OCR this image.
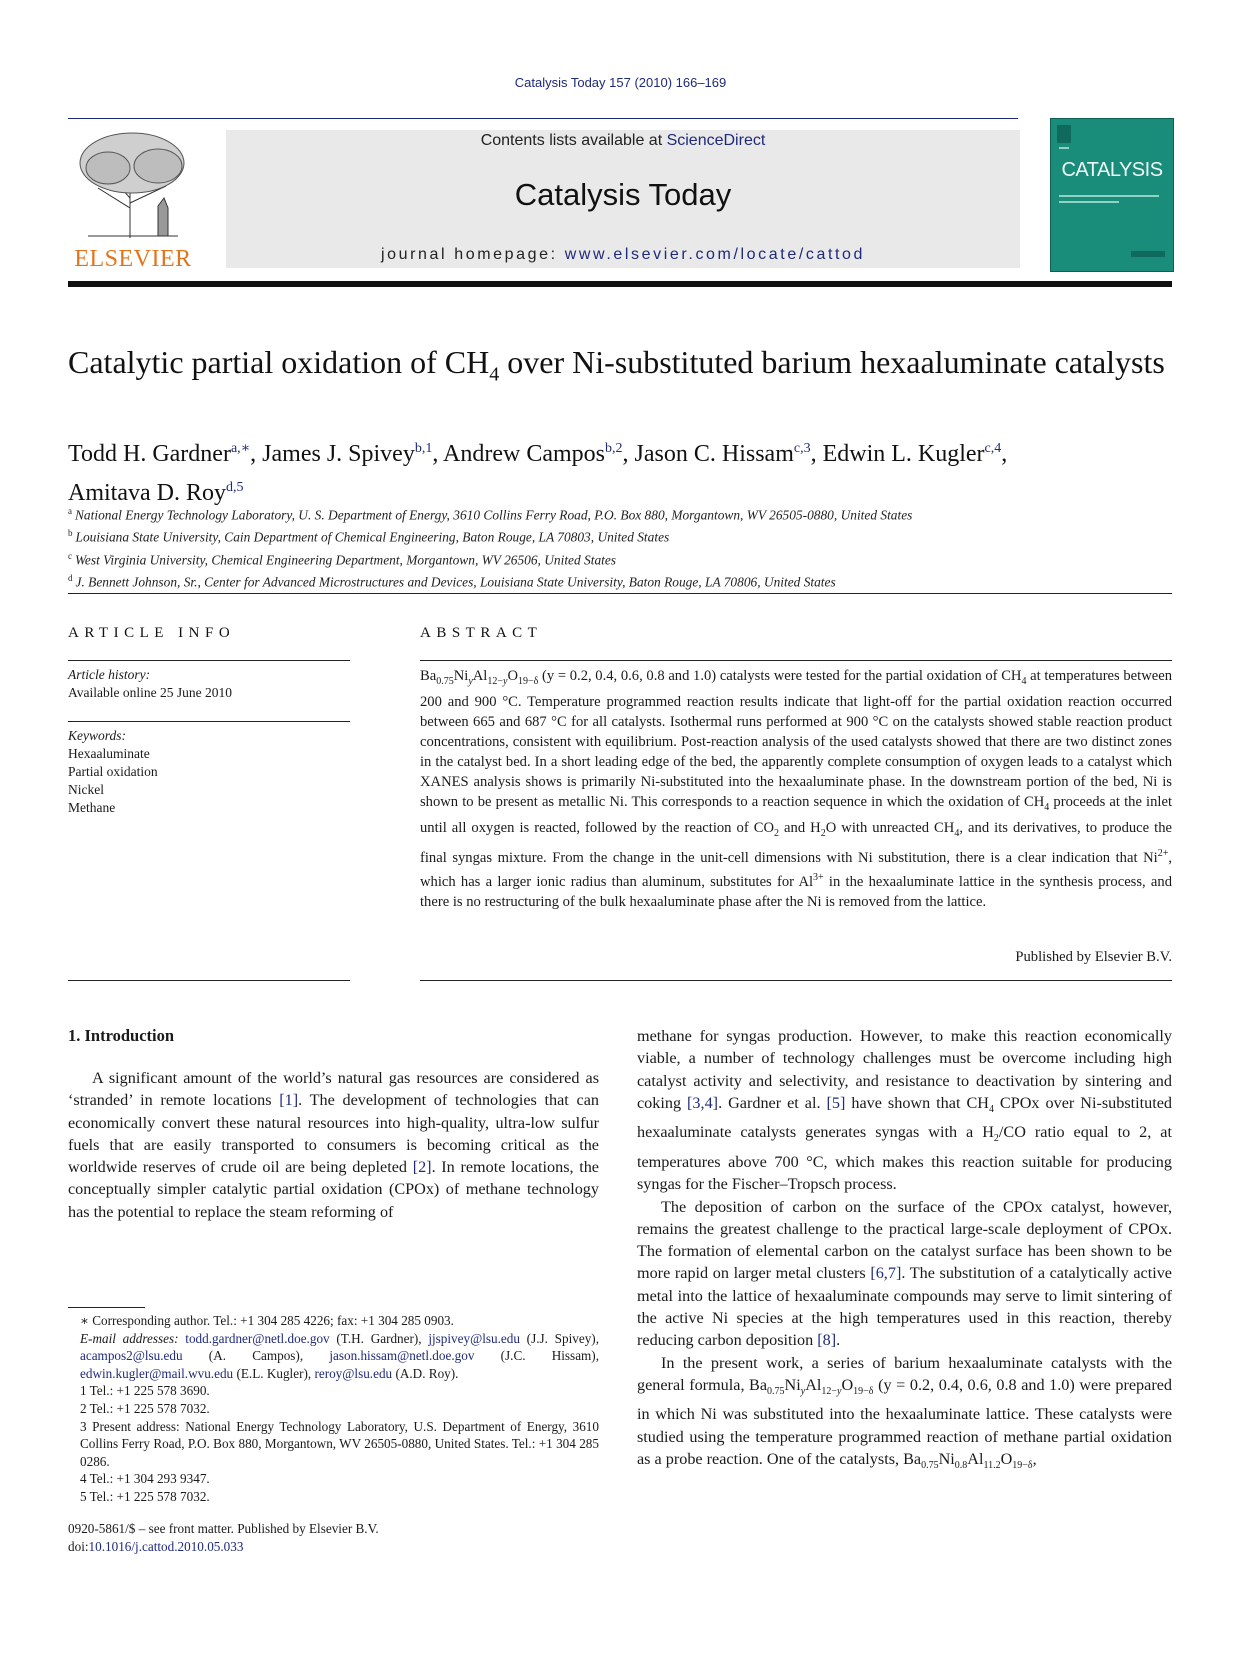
Catalysis Today 157 (2010) 166–169
ELSEVIER
Contents lists available at ScienceDirect
Catalysis Today
journal homepage: www.elsevier.com/locate/cattod
CATALYSIS
Catalytic partial oxidation of $CH_4$ over Ni-substituted barium hexaaluminate catalysts
Todd H. Gardner$^{a,∗}$, James J. Spivey$^{b,1}$, Andrew Campos$^{b,2}$, Jason C. Hissam$^{c,3}$, Edwin L. Kugler$^{c,4}$,
Amitava D. Roy$^{d,5}$
$^a$ National Energy Technology Laboratory, U. S. Department of Energy, 3610 Collins Ferry Road, P.O. Box 880, Morgantown, WV 26505-0880, United States
$^b$ Louisiana State University, Cain Department of Chemical Engineering, Baton Rouge, LA 70803, United States
$^c$ West Virginia University, Chemical Engineering Department, Morgantown, WV 26506, United States
$^d$ J. Bennett Johnson, Sr., Center for Advanced Microstructures and Devices, Louisiana State University, Baton Rouge, LA 70806, United States
ARTICLE INFO
Article history:
Available online 25 June 2010
Keywords:
Hexaaluminate
Partial oxidation
Nickel
Methane
ABSTRACT

$Ba_{0.75}Ni_yAl_{12-y}O_{19-\delta}$ (y = 0.2, 0.4, 0.6, 0.8 and 1.0) catalysts were tested for the partial oxidation of $CH_4$ at temperatures between 200 and 900 °C. Temperature programmed reaction results indicate that light-off for the partial oxidation reaction occurred between 665 and 687 °C for all catalysts. Isothermal runs performed at 900 °C on the catalysts showed stable reaction product concentrations, consistent with equilibrium. Post-reaction analysis of the used catalysts showed that there are two distinct zones in the catalyst bed. In a short leading edge of the bed, the apparently complete consumption of oxygen leads to a catalyst which XANES analysis shows is primarily Ni-substituted into the hexaaluminate phase. In the downstream portion of the bed, Ni is shown to be present as metallic Ni. This corresponds to a reaction sequence in which the oxidation of $CH_4$ proceeds at the inlet until all oxygen is reacted, followed by the reaction of $CO_2$ and $H_2O$ with unreacted $CH_4$, and its derivatives, to produce the final syngas mixture. From the change in the unit-cell dimensions with Ni substitution, there is a clear indication that $Ni^{2+}$, which has a larger ionic radius than aluminum, substitutes for $Al^{3+}$ in the hexaaluminate lattice in the synthesis process, and there is no restructuring of the bulk hexaaluminate phase after the Ni is removed from the lattice.

Published by Elsevier B.V.
1. Introduction

A significant amount of the world’s natural gas resources are considered as ‘stranded’ in remote locations [1]. The development of technologies that can economically convert these natural resources into high-quality, ultra-low sulfur fuels that are easily transported to consumers is becoming critical as the worldwide reserves of crude oil are being depleted [2]. In remote locations, the conceptually simpler catalytic partial oxidation (CPOx) of methane technology has the potential to replace the steam reforming of

methane for syngas production. However, to make this reaction economically viable, a number of technology challenges must be overcome including high catalyst activity and selectivity, and resistance to deactivation by sintering and coking [3,4]. Gardner et al. [5] have shown that $CH_4$ CPOx over Ni-substituted hexaaluminate catalysts generates syngas with a $H_2/CO$ ratio equal to 2, at temperatures above 700 °C, which makes this reaction suitable for producing syngas for the Fischer–Tropsch process.

The deposition of carbon on the surface of the CPOx catalyst, however, remains the greatest challenge to the practical large-scale deployment of CPOx. The formation of elemental carbon on the catalyst surface has been shown to be more rapid on larger metal clusters [6,7]. The substitution of a catalytically active metal into the lattice of hexaaluminate compounds may serve to limit sintering of the active Ni species at the high temperatures used in this reaction, thereby reducing carbon deposition [8].

In the present work, a series of barium hexaaluminate catalysts with the general formula, $Ba_{0.75}Ni_yAl_{12-y}O_{19-\delta}$ (y = 0.2, 0.4, 0.6, 0.8 and 1.0) were prepared in which Ni was substituted into the hexaaluminate lattice. These catalysts were studied using the temperature programmed reaction of methane partial oxidation as a probe reaction. One of the catalysts, $Ba_{0.75}Ni_{0.8}Al_{11.2}O_{19-\delta}$,

∗ Corresponding author. Tel.: +1 304 285 4226; fax: +1 304 285 0903.
E-mail addresses: todd.gardner@netl.doe.gov (T.H. Gardner), jjspivey@lsu.edu (J.J. Spivey), acampos2@lsu.edu (A. Campos), jason.hissam@netl.doe.gov (J.C. Hissam), edwin.kugler@mail.wvu.edu (E.L. Kugler), reroy@lsu.edu (A.D. Roy).
1 Tel.: +1 225 578 3690.
2 Tel.: +1 225 578 7032.
3 Present address: National Energy Technology Laboratory, U.S. Department of Energy, 3610 Collins Ferry Road, P.O. Box 880, Morgantown, WV 26505-0880, United States. Tel.: +1 304 285 0286.
4 Tel.: +1 304 293 9347.
5 Tel.: +1 225 578 7032.
0920-5861/$ – see front matter. Published by Elsevier B.V.
doi:10.1016/j.cattod.2010.05.033
